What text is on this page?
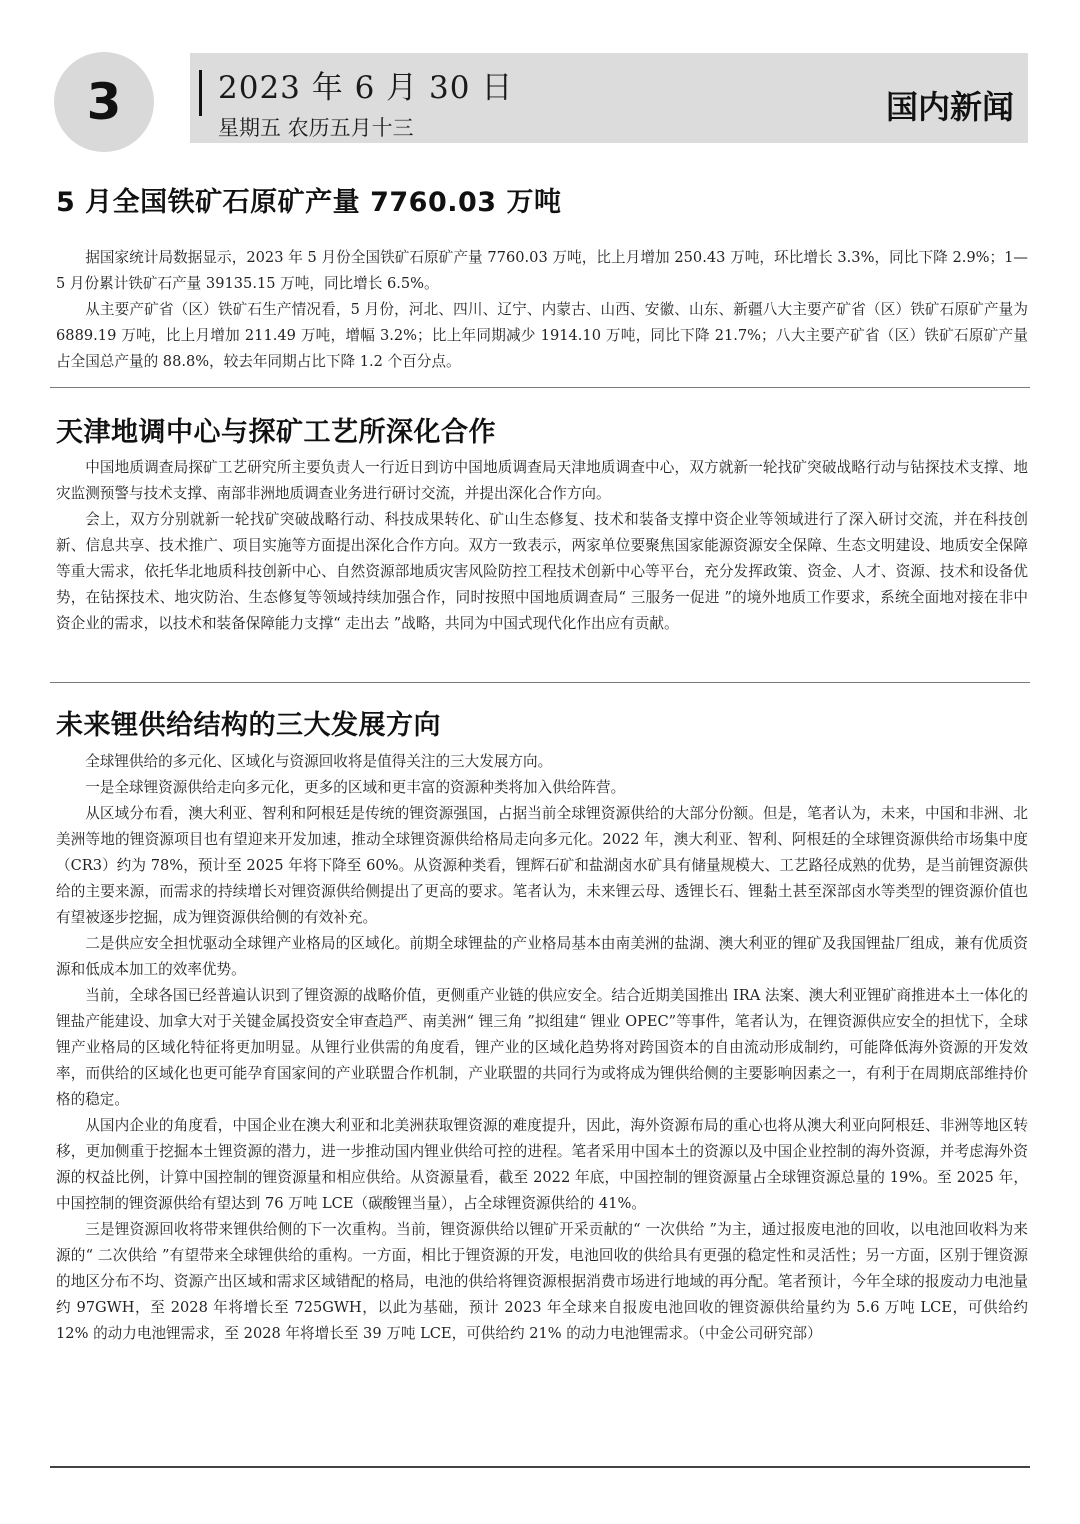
3	2023 年 6 月 30 日
星期五 农历五月十三
国内新闻
5 月全国铁矿石原矿产量 7760.03 万吨

据国家统计局数据显示，2023 年 5 月份全国铁矿石原矿产量 7760.03 万吨，比上月增加 250.43 万吨，环比增长 3.3%，同比下降 2.9%；1—5 月份累计铁矿石产量 39135.15 万吨，同比增长 6.5%。

从主要产矿省（区）铁矿石生产情况看，5 月份，河北、四川、辽宁、内蒙古、山西、安徽、山东、新疆八大主要产矿省（区）铁矿石原矿产量为 6889.19 万吨，比上月增加 211.49 万吨，增幅 3.2%；比上年同期减少 1914.10 万吨，同比下降 21.7%；八大主要产矿省（区）铁矿石原矿产量占全国总产量的 88.8%，较去年同期占比下降 1.2 个百分点。

天津地调中心与探矿工艺所深化合作

中国地质调查局探矿工艺研究所主要负责人一行近日到访中国地质调查局天津地质调查中心，双方就新一轮找矿突破战略行动与钻探技术支撑、地灾监测预警与技术支撑、南部非洲地质调查业务进行研讨交流，并提出深化合作方向。

会上，双方分别就新一轮找矿突破战略行动、科技成果转化、矿山生态修复、技术和装备支撑中资企业等领域进行了深入研讨交流，并在科技创新、信息共享、技术推广、项目实施等方面提出深化合作方向。双方一致表示，两家单位要聚焦国家能源资源安全保障、生态文明建设、地质安全保障等重大需求，依托华北地质科技创新中心、自然资源部地质灾害风险防控工程技术创新中心等平台，充分发挥政策、资金、人才、资源、技术和设备优势，在钻探技术、地灾防治、生态修复等领域持续加强合作，同时按照中国地质调查局“ 三服务一促进 ”的境外地质工作要求，系统全面地对接在非中资企业的需求，以技术和装备保障能力支撑“ 走出去 ”战略，共同为中国式现代化作出应有贡献。

未来锂供给结构的三大发展方向

全球锂供给的多元化、区域化与资源回收将是值得关注的三大发展方向。

一是全球锂资源供给走向多元化，更多的区域和更丰富的资源种类将加入供给阵营。

从区域分布看，澳大利亚、智利和阿根廷是传统的锂资源强国，占据当前全球锂资源供给的大部分份额。但是，笔者认为，未来，中国和非洲、北美洲等地的锂资源项目也有望迎来开发加速，推动全球锂资源供给格局走向多元化。2022 年，澳大利亚、智利、阿根廷的全球锂资源供给市场集中度（CR3）约为 78%，预计至 2025 年将下降至 60%。从资源种类看，锂辉石矿和盐湖卤水矿具有储量规模大、工艺路径成熟的优势，是当前锂资源供给的主要来源，而需求的持续增长对锂资源供给侧提出了更高的要求。笔者认为，未来锂云母、透锂长石、锂黏土甚至深部卤水等类型的锂资源价值也有望被逐步挖掘，成为锂资源供给侧的有效补充。

二是供应安全担忧驱动全球锂产业格局的区域化。前期全球锂盐的产业格局基本由南美洲的盐湖、澳大利亚的锂矿及我国锂盐厂组成，兼有优质资源和低成本加工的效率优势。

当前，全球各国已经普遍认识到了锂资源的战略价值，更侧重产业链的供应安全。结合近期美国推出 IRA 法案、澳大利亚锂矿商推进本土一体化的锂盐产能建设、加拿大对于关键金属投资安全审查趋严、南美洲“ 锂三角 ”拟组建“ 锂业 OPEC”等事件，笔者认为，在锂资源供应安全的担忧下，全球锂产业格局的区域化特征将更加明显。从锂行业供需的角度看，锂产业的区域化趋势将对跨国资本的自由流动形成制约，可能降低海外资源的开发效率，而供给的区域化也更可能孕育国家间的产业联盟合作机制，产业联盟的共同行为或将成为锂供给侧的主要影响因素之一，有利于在周期底部维持价格的稳定。

从国内企业的角度看，中国企业在澳大利亚和北美洲获取锂资源的难度提升，因此，海外资源布局的重心也将从澳大利亚向阿根廷、非洲等地区转移，更加侧重于挖掘本土锂资源的潜力，进一步推动国内锂业供给可控的进程。笔者采用中国本土的资源以及中国企业控制的海外资源，并考虑海外资源的权益比例，计算中国控制的锂资源量和相应供给。从资源量看，截至 2022 年底，中国控制的锂资源量占全球锂资源总量的 19%。至 2025 年，中国控制的锂资源供给有望达到 76 万吨 LCE（碳酸锂当量），占全球锂资源供给的 41%。

三是锂资源回收将带来锂供给侧的下一次重构。当前，锂资源供给以锂矿开采贡献的“ 一次供给 ”为主，通过报废电池的回收，以电池回收料为来源的“ 二次供给 ”有望带来全球锂供给的重构。一方面，相比于锂资源的开发，电池回收的供给具有更强的稳定性和灵活性；另一方面，区别于锂资源的地区分布不均、资源产出区域和需求区域错配的格局，电池的供给将锂资源根据消费市场进行地域的再分配。笔者预计，今年全球的报废动力电池量约 97GWH，至 2028 年将增长至 725GWH，以此为基础，预计 2023 年全球来自报废电池回收的锂资源供给量约为 5.6 万吨 LCE，可供给约 12% 的动力电池锂需求，至 2028 年将增长至 39 万吨 LCE，可供给约 21% 的动力电池锂需求。（中金公司研究部）
